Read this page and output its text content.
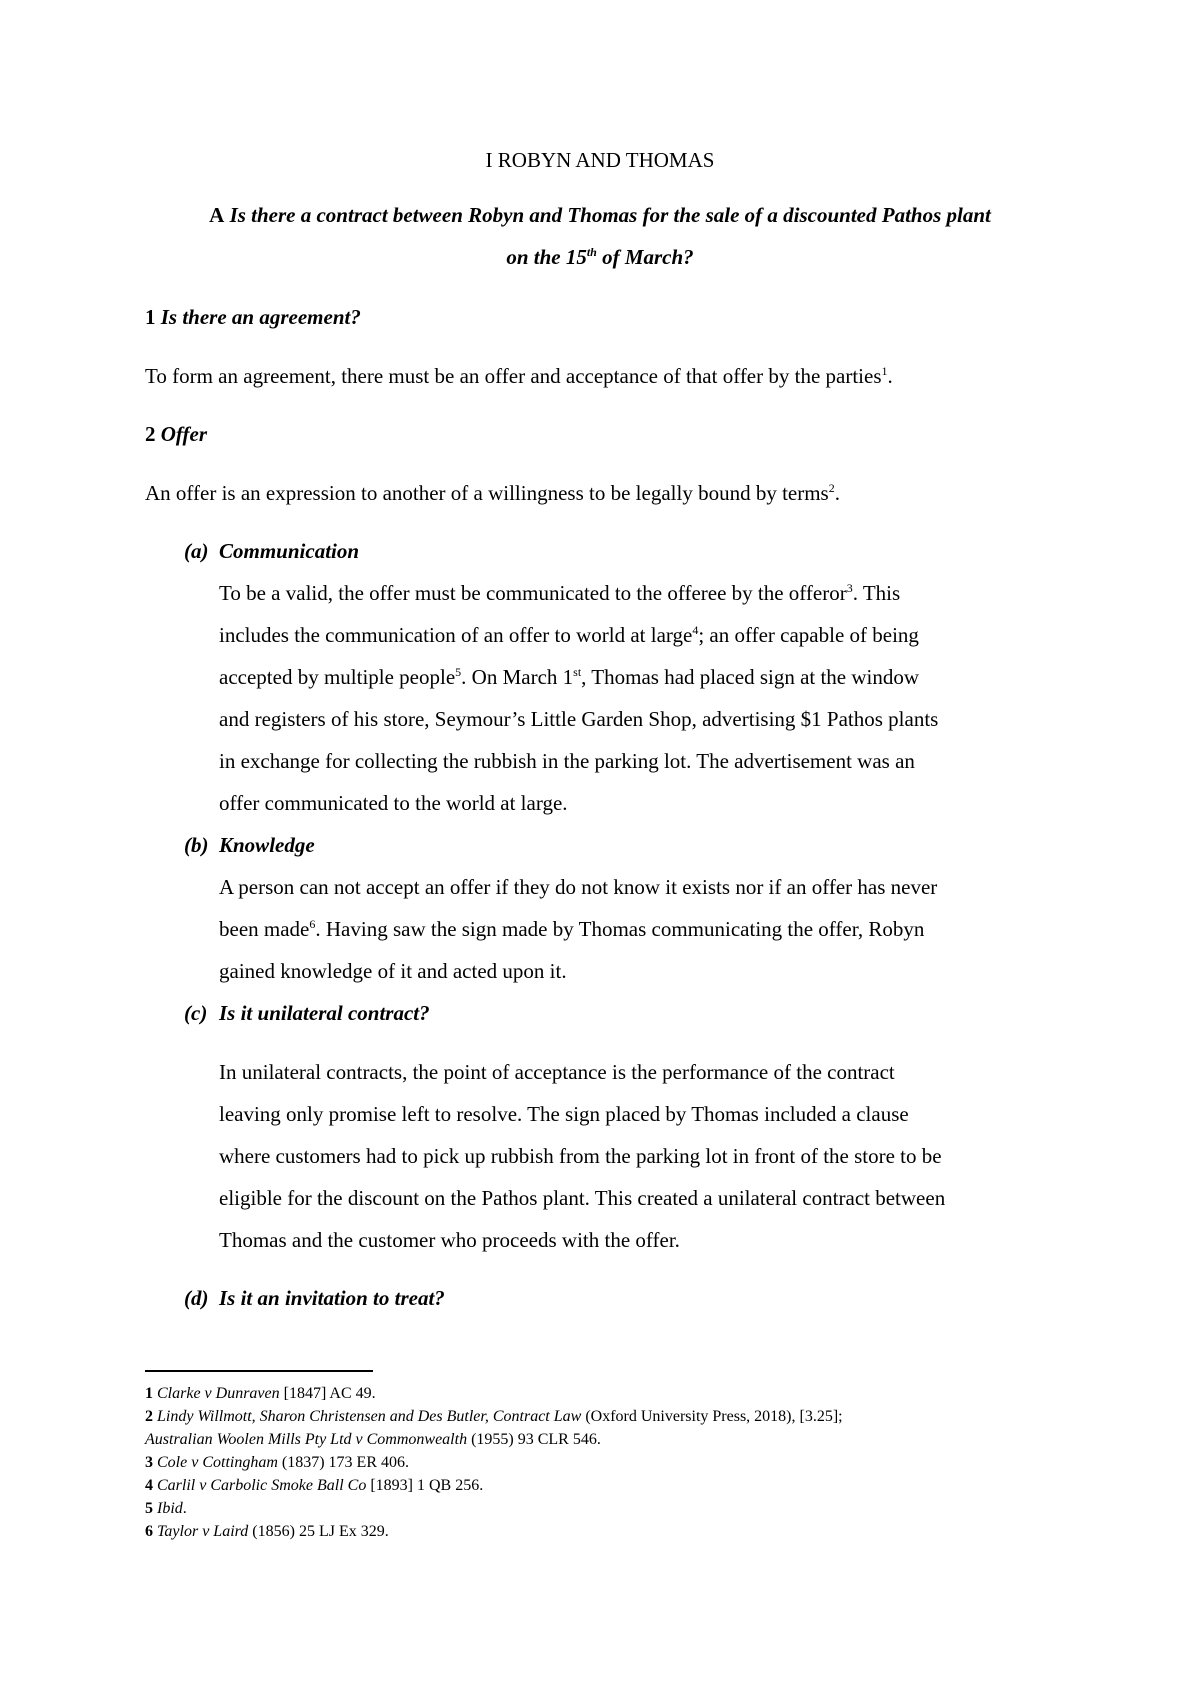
I ROBYN AND THOMAS
A Is there a contract between Robyn and Thomas for the sale of a discounted Pathos plant
on the 15th of March?
1 Is there an agreement?
To form an agreement, there must be an offer and acceptance of that offer by the parties$^1$.
2 Offer
An offer is an expression to another of a willingness to be legally bound by terms$^2$.
(a) Communication
To be a valid, the offer must be communicated to the offeree by the offeror$^3$. This
includes the communication of an offer to world at large$^4$; an offer capable of being
accepted by multiple people$^5$. On March 1st, Thomas had placed sign at the window
and registers of his store, Seymour’s Little Garden Shop, advertising $1 Pathos plants
in exchange for collecting the rubbish in the parking lot. The advertisement was an
offer communicated to the world at large.
(b) Knowledge
A person can not accept an offer if they do not know it exists nor if an offer has never
been made$^6$. Having saw the sign made by Thomas communicating the offer, Robyn
gained knowledge of it and acted upon it.
(c) Is it unilateral contract?
In unilateral contracts, the point of acceptance is the performance of the contract
leaving only promise left to resolve. The sign placed by Thomas included a clause
where customers had to pick up rubbish from the parking lot in front of the store to be
eligible for the discount on the Pathos plant. This created a unilateral contract between
Thomas and the customer who proceeds with the offer.
(d) Is it an invitation to treat?
1 Clarke v Dunraven [1847] AC 49.
2 Lindy Willmott, Sharon Christensen and Des Butler, Contract Law (Oxford University Press, 2018), [3.25];
Australian Woolen Mills Pty Ltd v Commonwealth (1955) 93 CLR 546.
3 Cole v Cottingham (1837) 173 ER 406.
4 Carlil v Carbolic Smoke Ball Co [1893] 1 QB 256.
5 Ibid.
6 Taylor v Laird (1856) 25 LJ Ex 329.
